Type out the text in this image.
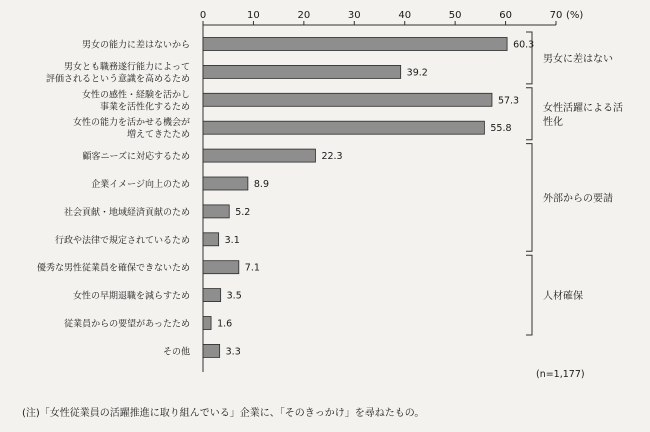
0	10	20	30	40	50	60	70
60.3
39.2
57.3
55.8
22.3
8.9
5.2
3.1
7.1
3.5
1.6
3.3
男女の能力に差はないから
男女とも職務遂行能力によって
評価されるという意識を高めるため
女性の感性・経験を活かし
事業を活性化するため
女性の能力を活かせる機会が
増えてきたため
顧客ニーズに対応するため
企業イメージ向上のため
社会貢献・地域経済貢献のため
行政や法律で規定されているため
優秀な男性従業員を確保できないため
女性の早期退職を減らすため
従業員からの要望があったため
その他
男女に差はない
女性活躍による活
性化
外部からの要請
人材確保
(%)
(n=1,177)
(注)「女性従業員の活躍推進に取り組んでいる」企業に、「そのきっかけ」を尋ねたもの。
